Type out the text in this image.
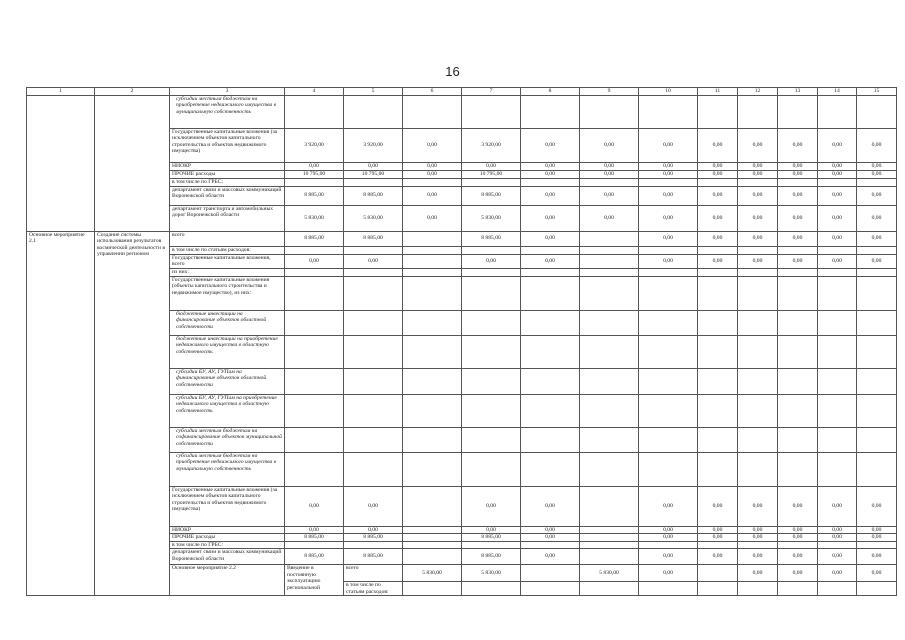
16
1	2	3	4	5	6	7	8	9	10	11	12	13	14	15	
		субсидии местным бюджетам на приобретение недвижимого имущества в муниципальную собственность													
		Государственные капитальные вложения (за исключением объектов капитального строительства и объектов недвижимого имущества)	3 920,00	3 920,00	0,00	3 920,00	0,00	0,00	0,00	0,00	0,00	0,00	0,00	0,00	
		НИОКР	0,00	0,00	0,00	0,00	0,00	0,00	0,00	0,00	0,00	0,00	0,00	0,00	
		ПРОЧИЕ расходы	10 795,00	10 795,00	0,00	10 795,00	0,00	0,00	0,00	0,00	0,00	0,00	0,00	0,00	
		в том числе по ГРБС:													
		департамент связи и массовых коммуникаций Воронежской области	8 885,00	8 885,00	0,00	8 885,00	0,00	0,00	0,00	0,00	0,00	0,00	0,00	0,00	
		департамент транспорта и автомобильных дорог Воронежской области	5 830,00	5 830,00	0,00	5 830,00	0,00	0,00	0,00	0,00	0,00	0,00	0,00	0,00	
Основное мероприятие 2.1	Создание системы использования результатов космической деятельности в управлении регионом	всего	8 885,00	8 885,00		8 885,00	0,00		0,00	0,00	0,00	0,00	0,00	0,00	
		в том числе по статьям расходов:													
		Государственные капитальные вложения, всего	0,00	0,00		0,00	0,00		0,00	0,00	0,00	0,00	0,00	0,00	
		из них:													
		Государственные капитальные вложения (объекты капитального строительства и недвижимое имущество), из них:													
		бюджетные инвестиции на финансирование объектов областной собственности													
		бюджетные инвестиции на приобретение недвижимого имущества в областную собственность													
		субсидии БУ, АУ, ГУПам на финансирование объектов областной собственности													
		субсидии БУ, АУ, ГУПам на приобретение недвижимого имущества в областную собственность													
		субсидии местным бюджетам на софинансирование объектов муниципальной собственности													
		субсидии местным бюджетам на приобретение недвижимого имущества в муниципальную собственность													
		Государственные капитальные вложения (за исключением объектов капитального строительства и объектов недвижимого имущества)	0,00	0,00		0,00	0,00		0,00	0,00	0,00	0,00	0,00	0,00	
		НИОКР	0,00	0,00		0,00	0,00		0,00	0,00	0,00	0,00	0,00	0,00	
		ПРОЧИЕ расходы	8 885,00	8 885,00		8 885,00	0,00		0,00	0,00	0,00	0,00	0,00	0,00	
		в том числе по ГРБС:													
		департамент связи и массовых коммуникаций Воронежской области	8 885,00	8 885,00		8 885,00	0,00		0,00	0,00	0,00	0,00	0,00	0,00	
		Основное мероприятие 2.2	Введение в постоянную эксплуатацию региональной	всего	5 830,00	5 830,00		5 830,00	0,00		0,00	0,00	0,00	0,00		
				в том числе по статьям расходов:												
